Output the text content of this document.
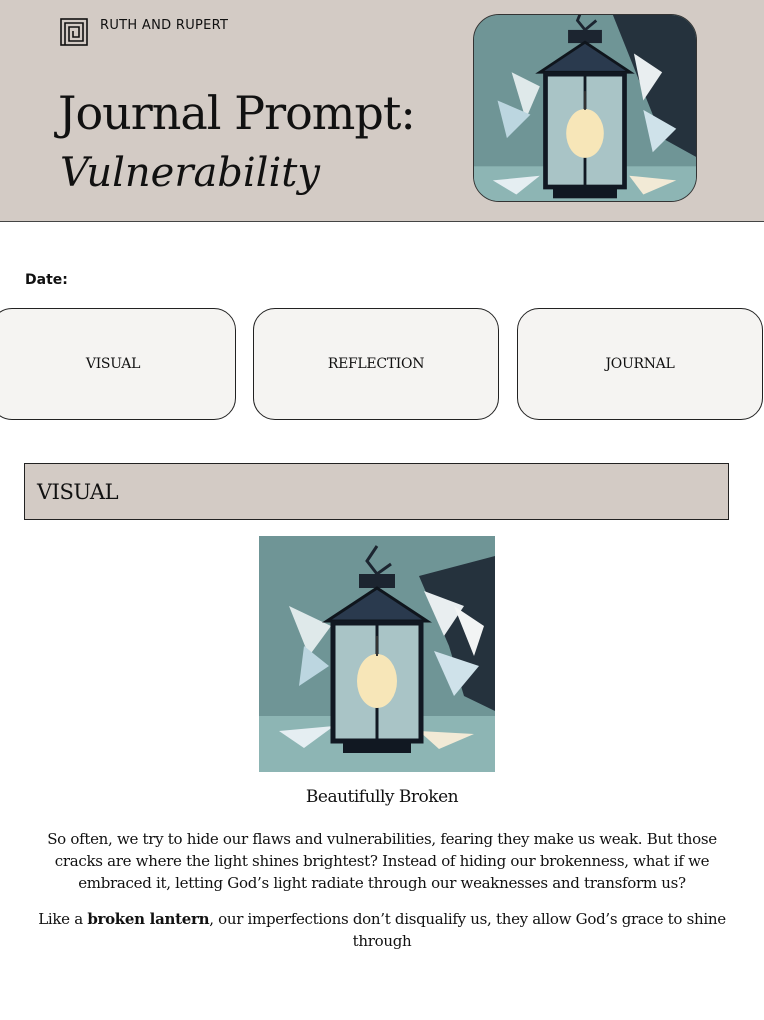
RUTH AND RUPERT
Journal Prompt:
Vulnerability
Date:
VISUAL	REFLECTION	JOURNAL
VISUAL
Beautifully Broken
So often, we try to hide our flaws and vulnerabilities, fearing they make us weak. But those cracks are where the light shines brightest? Instead of hiding our brokenness, what if we embraced it, letting God’s light radiate through our weaknesses and transform us?
Like a broken lantern, our imperfections don’t disqualify us, they allow God’s grace to shine through
